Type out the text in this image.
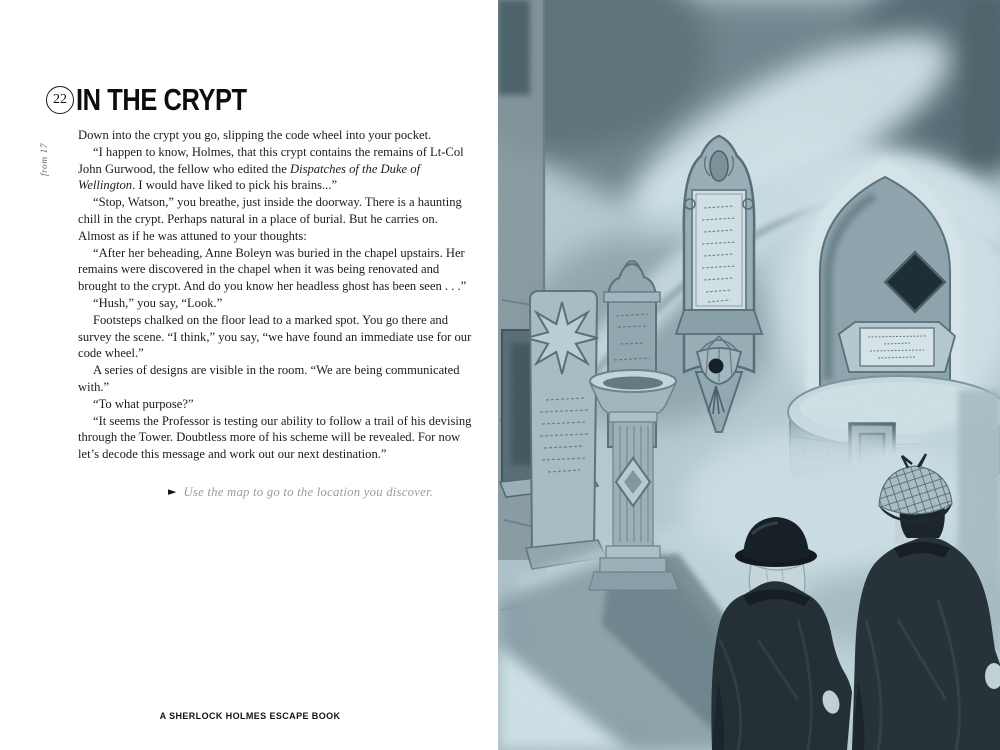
22 IN THE CRYPT
from 17

Down into the crypt you go, slipping the code wheel into your pocket.

“I happen to know, Holmes, that this crypt contains the remains of Lt-Col John Gurwood, the fellow who edited the Dispatches of the Duke of Wellington. I would have liked to pick his brains...”

“Stop, Watson,” you breathe, just inside the doorway. There is a haunting chill in the crypt. Perhaps natural in a place of burial. But he carries on. Almost as if he was attuned to your thoughts:

“After her beheading, Anne Boleyn was buried in the chapel upstairs. Her remains were discovered in the chapel when it was being renovated and brought to the crypt. And do you know her headless ghost has been seen . . .”

“Hush,” you say, “Look.”

Footsteps chalked on the floor lead to a marked spot. You go there and survey the scene. “I think,” you say, “we have found an immediate use for our code wheel.”

A series of designs are visible in the room. “We are being communicated with.”

“To what purpose?”

“It seems the Professor is testing our ability to follow a trail of his devising through the Tower. Doubtless more of his scheme will be revealed. For now let’s decode this message and work out our next destination.”

► Use the map to go to the location you discover.
A SHERLOCK HOLMES ESCAPE BOOK
